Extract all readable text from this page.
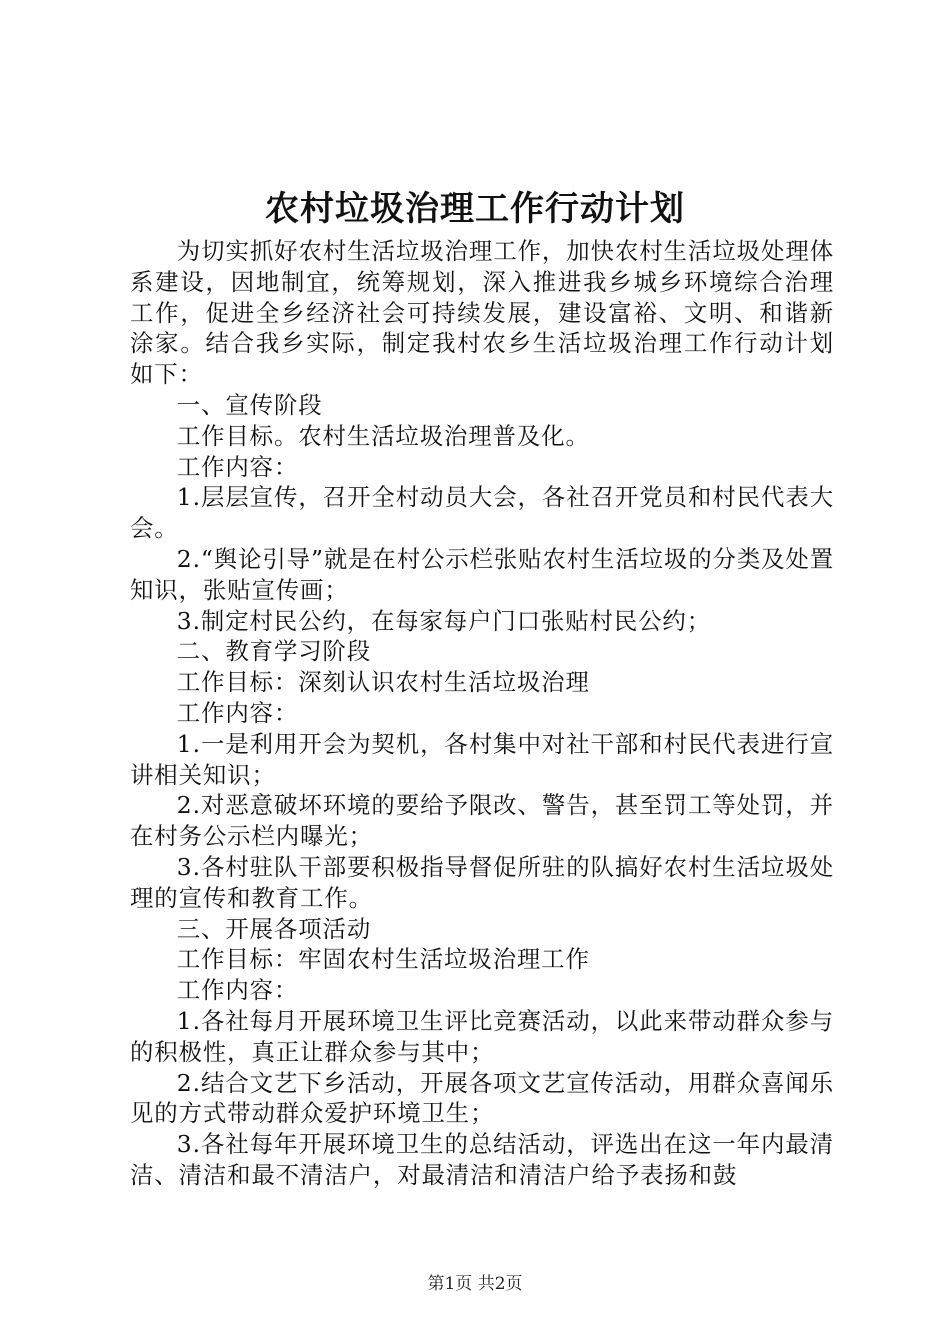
农村垃圾治理工作行动计划

为切实抓好农村生活垃圾治理工作，加快农村生活垃圾处理体系建设，因地制宜，统筹规划，深入推进我乡城乡环境综合治理工作，促进全乡经济社会可持续发展，建设富裕、文明、和谐新涂家。结合我乡实际，制定我村农乡生活垃圾治理工作行动计划如下：

一、宣传阶段

工作目标。农村生活垃圾治理普及化。

工作内容：

1.层层宣传，召开全村动员大会，各社召开党员和村民代表大会。

2.“舆论引导”就是在村公示栏张贴农村生活垃圾的分类及处置知识，张贴宣传画；

3.制定村民公约，在每家每户门口张贴村民公约；

二、教育学习阶段

工作目标：深刻认识农村生活垃圾治理

工作内容：

1.一是利用开会为契机，各村集中对社干部和村民代表进行宣讲相关知识；

2.对恶意破坏环境的要给予限改、警告，甚至罚工等处罚，并在村务公示栏内曝光；

3.各村驻队干部要积极指导督促所驻的队搞好农村生活垃圾处理的宣传和教育工作。

三、开展各项活动

工作目标：牢固农村生活垃圾治理工作

工作内容：

1.各社每月开展环境卫生评比竞赛活动，以此来带动群众参与的积极性，真正让群众参与其中；

2.结合文艺下乡活动，开展各项文艺宣传活动，用群众喜闻乐见的方式带动群众爱护环境卫生；

3.各社每年开展环境卫生的总结活动，评选出在这一年内最清洁、清洁和最不清洁户，对最清洁和清洁户给予表扬和鼓

第1页 共2页
